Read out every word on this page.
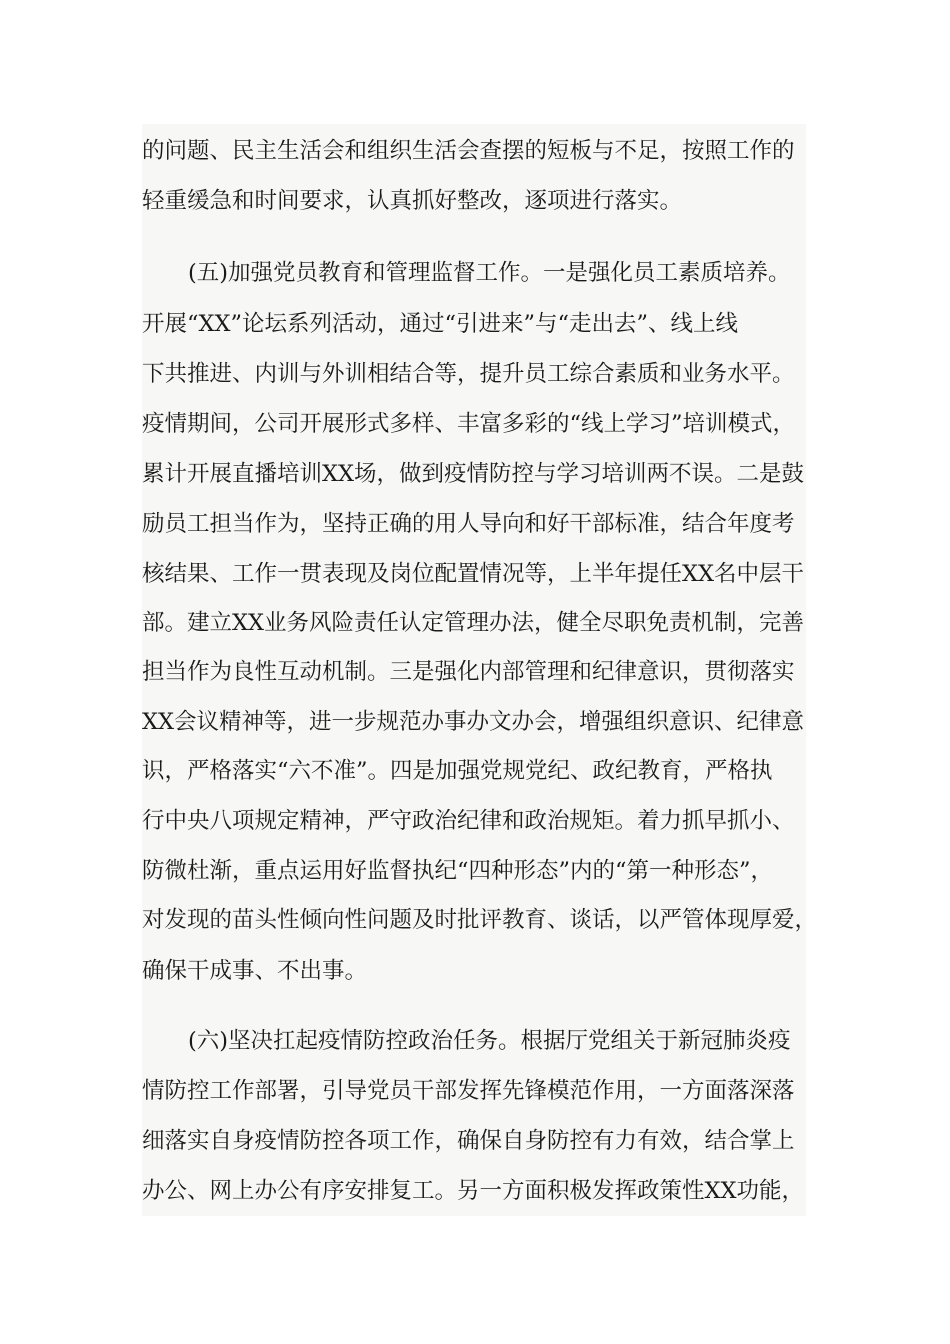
的问题、民主生活会和组织生活会查摆的短板与不足，按照工作的

轻重缓急和时间要求，认真抓好整改，逐项进行落实。

(五)加强党员教育和管理监督工作。一是强化员工素质培养。

开展“XX”论坛系列活动，通过“引进来”与“走出去”、线上线

下共推进、内训与外训相结合等，提升员工综合素质和业务水平。

疫情期间，公司开展形式多样、丰富多彩的“线上学习”培训模式，

累计开展直播培训XX场，做到疫情防控与学习培训两不误。二是鼓

励员工担当作为，坚持正确的用人导向和好干部标准，结合年度考

核结果、工作一贯表现及岗位配置情况等，上半年提任XX名中层干

部。建立XX业务风险责任认定管理办法，健全尽职免责机制，完善

担当作为良性互动机制。三是强化内部管理和纪律意识，贯彻落实

XX会议精神等，进一步规范办事办文办会，增强组织意识、纪律意

识，严格落实“六不准”。四是加强党规党纪、政纪教育，严格执

行中央八项规定精神，严守政治纪律和政治规矩。着力抓早抓小、

防微杜渐，重点运用好监督执纪“四种形态”内的“第一种形态”，

对发现的苗头性倾向性问题及时批评教育、谈话，以严管体现厚爱，

确保干成事、不出事。

(六)坚决扛起疫情防控政治任务。根据厅党组关于新冠肺炎疫

情防控工作部署，引导党员干部发挥先锋模范作用，一方面落深落

细落实自身疫情防控各项工作，确保自身防控有力有效，结合掌上

办公、网上办公有序安排复工。另一方面积极发挥政策性XX功能，
